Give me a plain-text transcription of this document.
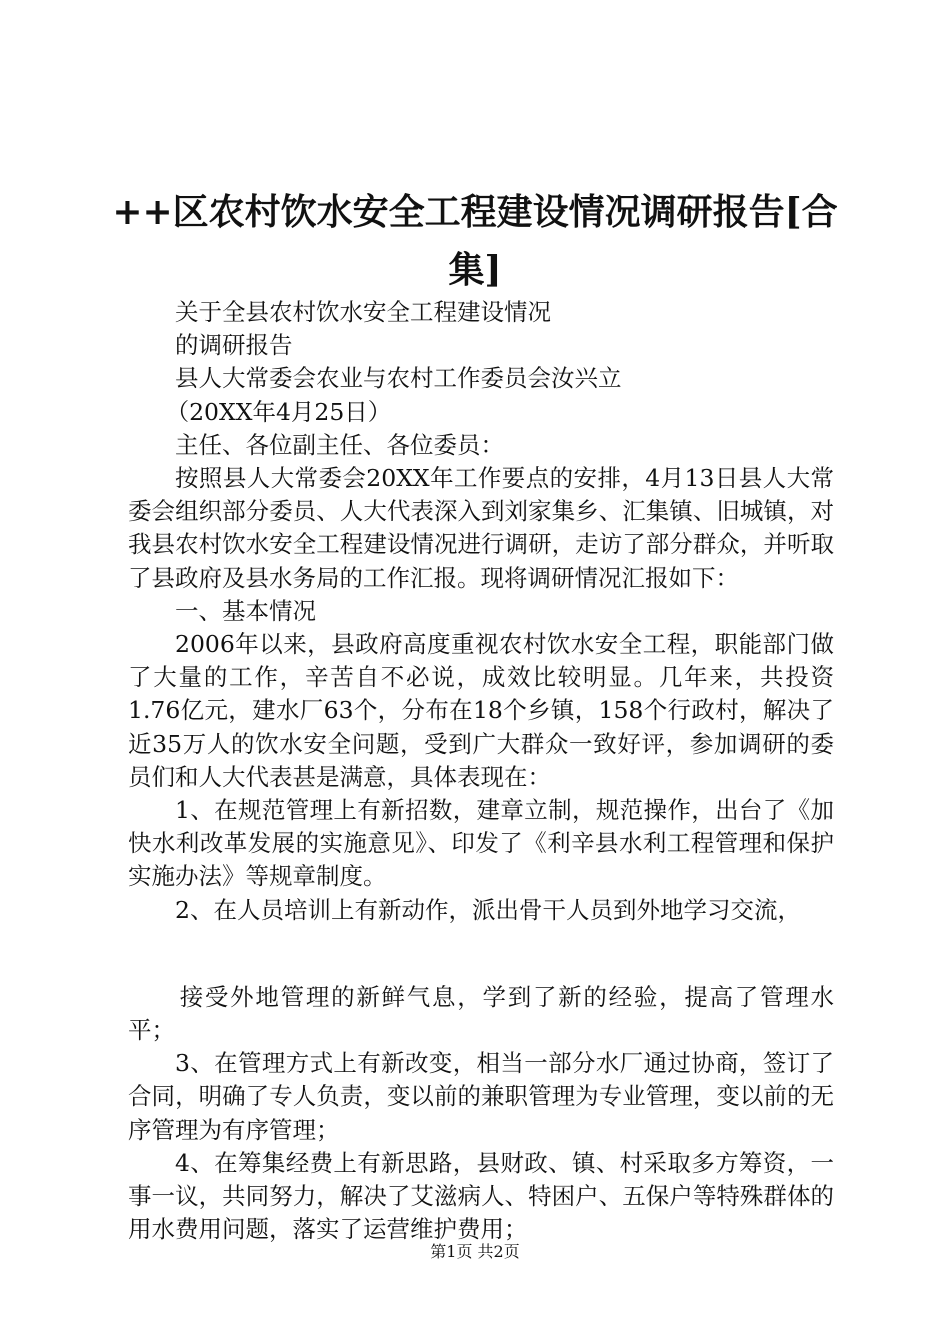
++区农村饮水安全工程建设情况调研报告[合集]

关于全县农村饮水安全工程建设情况

的调研报告

县人大常委会农业与农村工作委员会汝兴立

（20XX年4月25日）

主任、各位副主任、各位委员：

按照县人大常委会20XX年工作要点的安排，4月13日县人大常委会组织部分委员、人大代表深入到刘家集乡、汇集镇、旧城镇，对我县农村饮水安全工程建设情况进行调研，走访了部分群众，并听取了县政府及县水务局的工作汇报。现将调研情况汇报如下：

一、基本情况

2006年以来，县政府高度重视农村饮水安全工程，职能部门做了大量的工作，辛苦自不必说，成效比较明显。几年来，共投资1.76亿元，建水厂63个，分布在18个乡镇，158个行政村，解决了近35万人的饮水安全问题，受到广大群众一致好评，参加调研的委员们和人大代表甚是满意，具体表现在：

1、在规范管理上有新招数，建章立制，规范操作，出台了《加快水利改革发展的实施意见》、印发了《利辛县水利工程管理和保护实施办法》等规章制度。

2、在人员培训上有新动作，派出骨干人员到外地学习交流，

接受外地管理的新鲜气息，学到了新的经验，提高了管理水平；

3、在管理方式上有新改变，相当一部分水厂通过协商，签订了合同，明确了专人负责，变以前的兼职管理为专业管理，变以前的无序管理为有序管理；

4、在筹集经费上有新思路，县财政、镇、村采取多方筹资，一事一议，共同努力，解决了艾滋病人、特困户、五保户等特殊群体的用水费用问题，落实了运营维护费用；

第1页 共2页
